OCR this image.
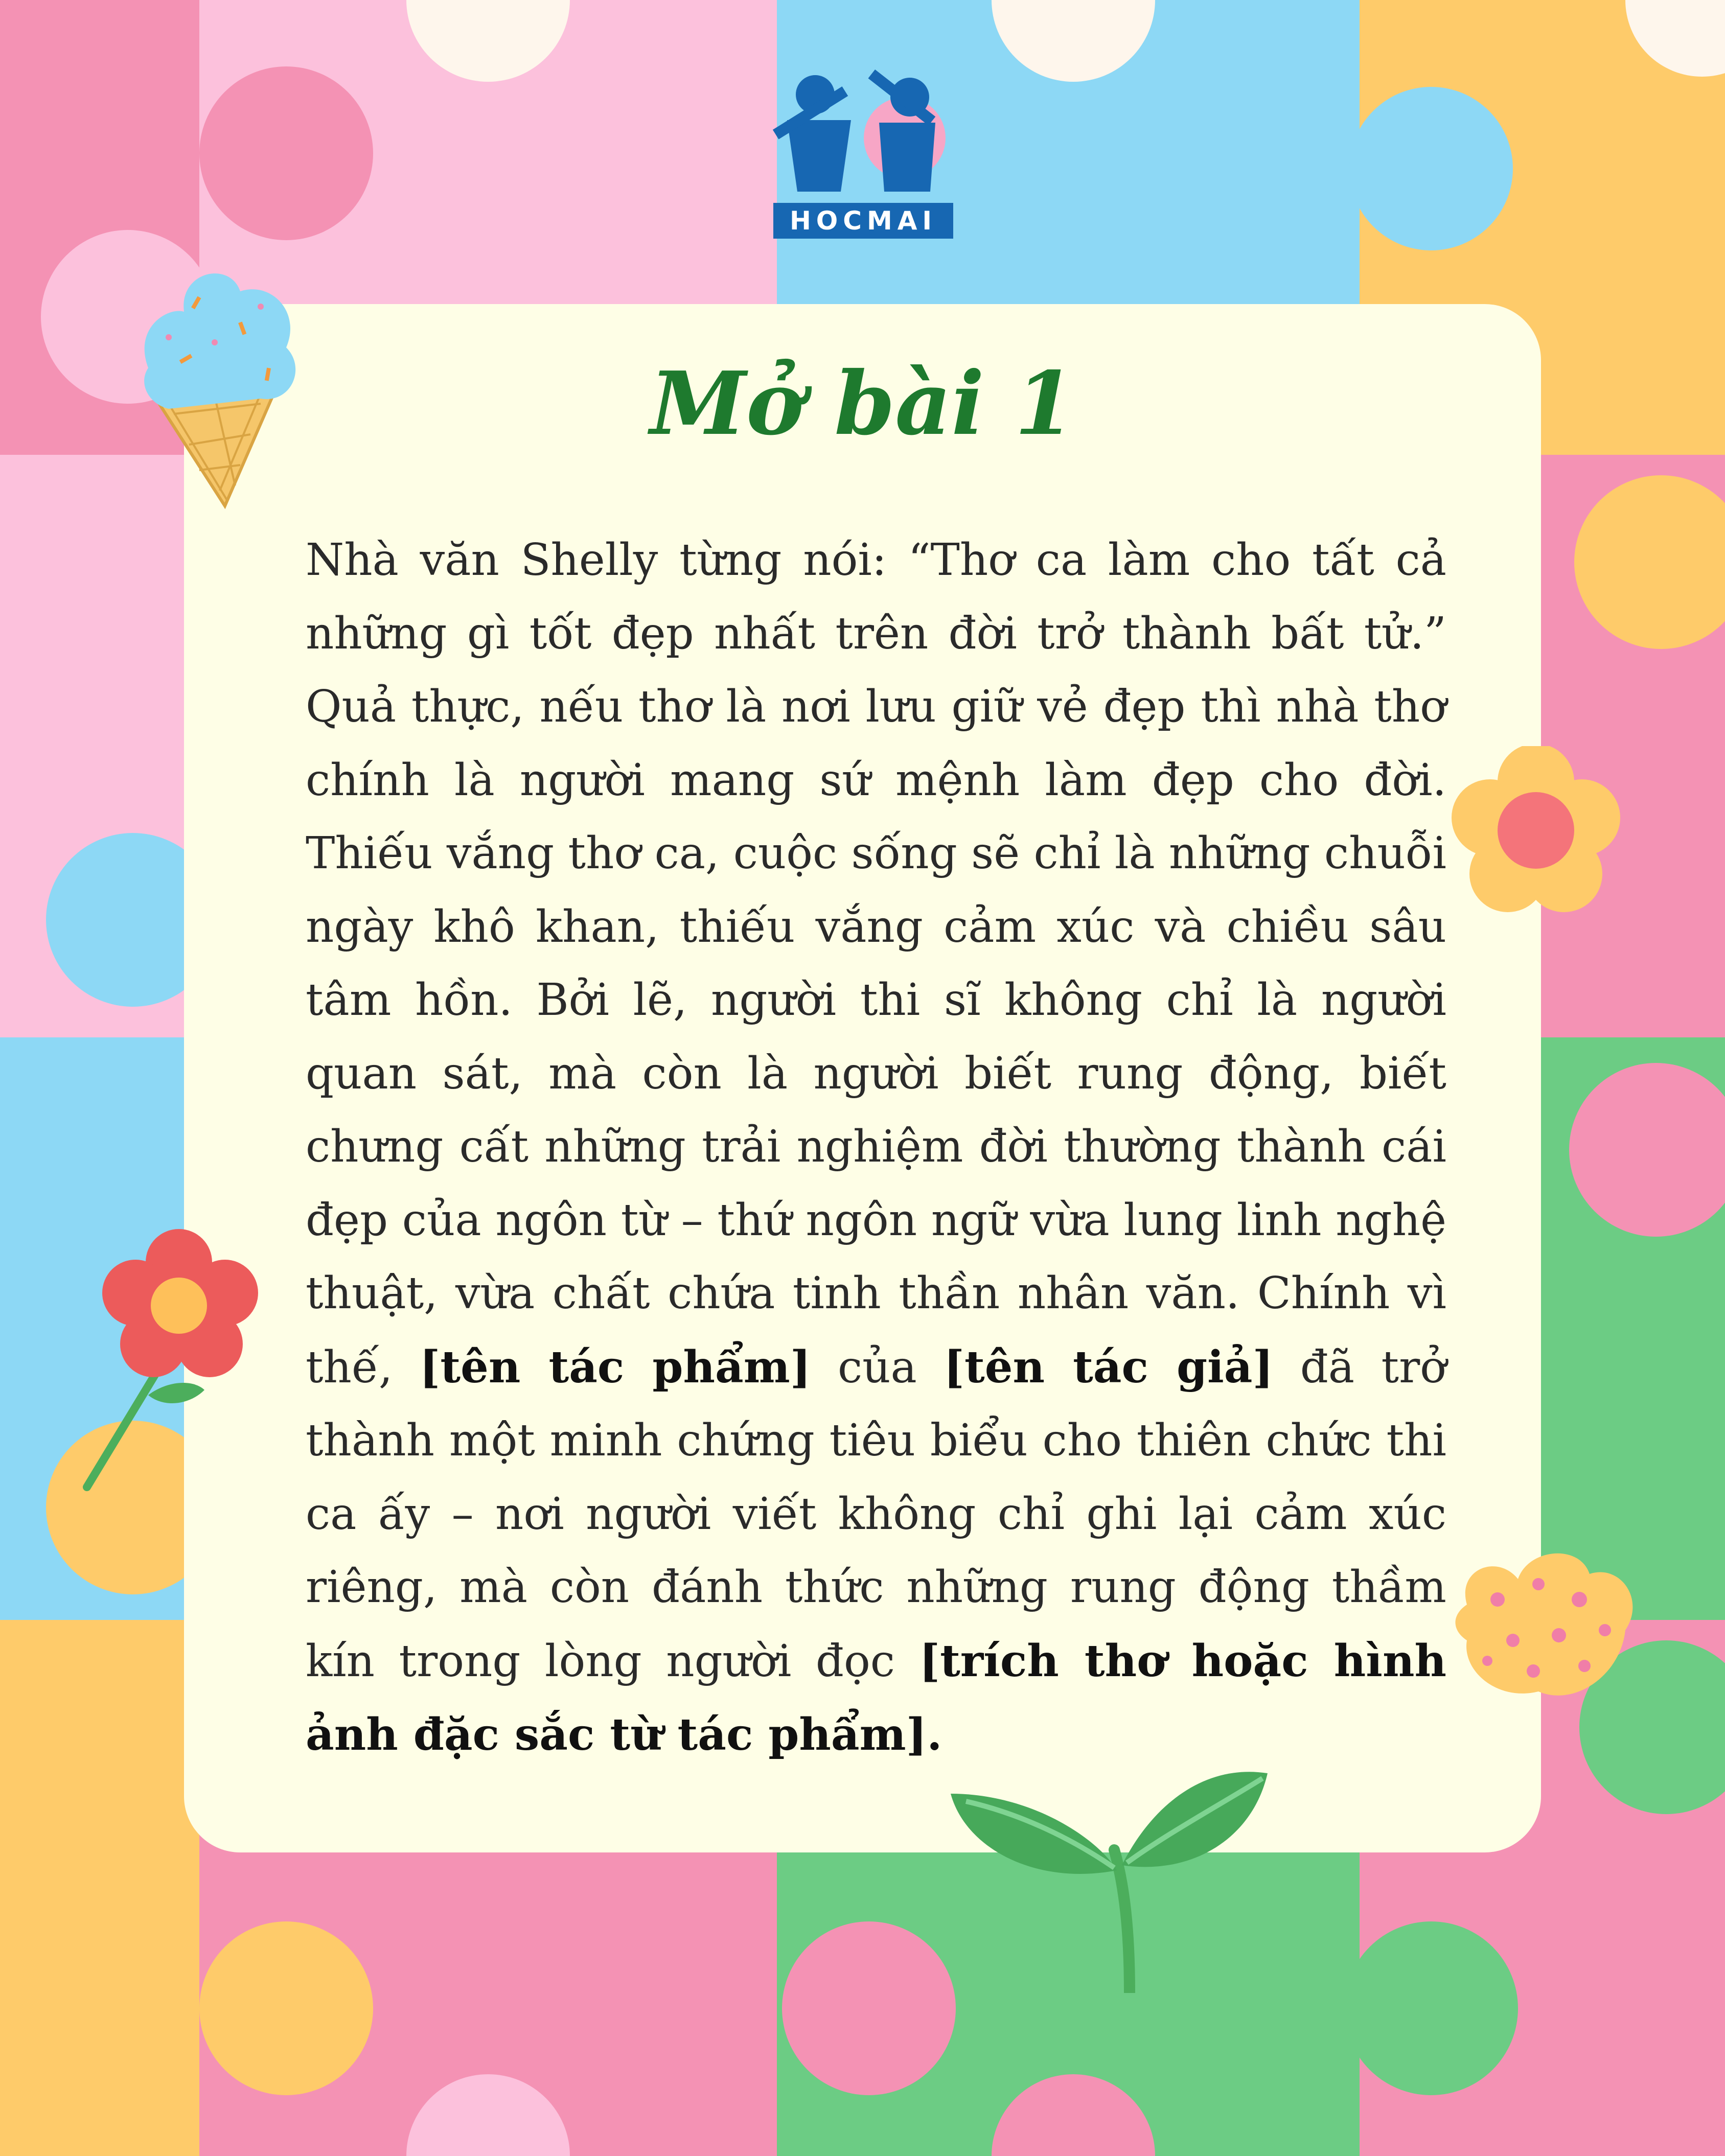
HOCMAI
Mở bài 1

Nhà văn Shelly từng nói: “Thơ ca làm cho tất cả những gì tốt đẹp nhất trên đời trở thành bất tử.” Quả thực, nếu thơ là nơi lưu giữ vẻ đẹp thì nhà thơ chính là người mang sứ mệnh làm đẹp cho đời. Thiếu vắng thơ ca, cuộc sống sẽ chỉ là những chuỗi ngày khô khan, thiếu vắng cảm xúc và chiều sâu tâm hồn. Bởi lẽ, người thi sĩ không chỉ là người quan sát, mà còn là người biết rung động, biết chưng cất những trải nghiệm đời thường thành cái đẹp của ngôn từ – thứ ngôn ngữ vừa lung linh nghệ thuật, vừa chất chứa tinh thần nhân văn. Chính vì thế, [tên tác phẩm] của [tên tác giả] đã trở thành một minh chứng tiêu biểu cho thiên chức thi ca ấy – nơi người viết không chỉ ghi lại cảm xúc riêng, mà còn đánh thức những rung động thầm kín trong lòng người đọc [trích thơ hoặc hình ảnh đặc sắc từ tác phẩm].
